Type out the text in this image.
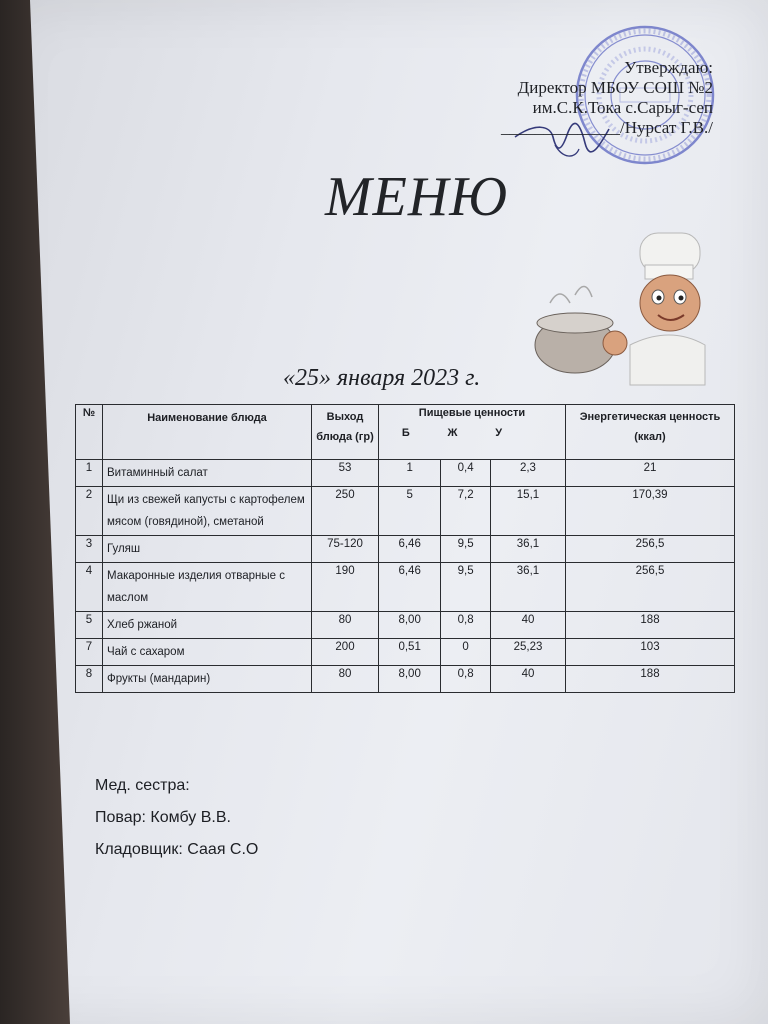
Утверждаю:
Директор МБОУ СОШ №2
им.С.К.Тока с.Сарыг-сеп
______________/Нурсат Г.В./
МЕНЮ
«25» января 2023 г.
№	Наименование блюда	Выход блюда (гр)	Пищевые ценности
Б Ж У			Энергетическая ценность (ккал)
1	Витаминный салат	53	1	0,4	2,3	21
2	Щи из свежей капусты с картофелем мясом (говядиной), сметаной	250	5	7,2	15,1	170,39
3	Гуляш	75-120	6,46	9,5	36,1	256,5
4	Макаронные изделия отварные с маслом	190	6,46	9,5	36,1	256,5
5	Хлеб ржаной	80	8,00	0,8	40	188
7	Чай с сахаром	200	0,51	0	25,23	103
8	Фрукты (мандарин)	80	8,00	0,8	40	188
Мед. сестра:
Повар: Комбу В.В.
Кладовщик: Саая С.О
